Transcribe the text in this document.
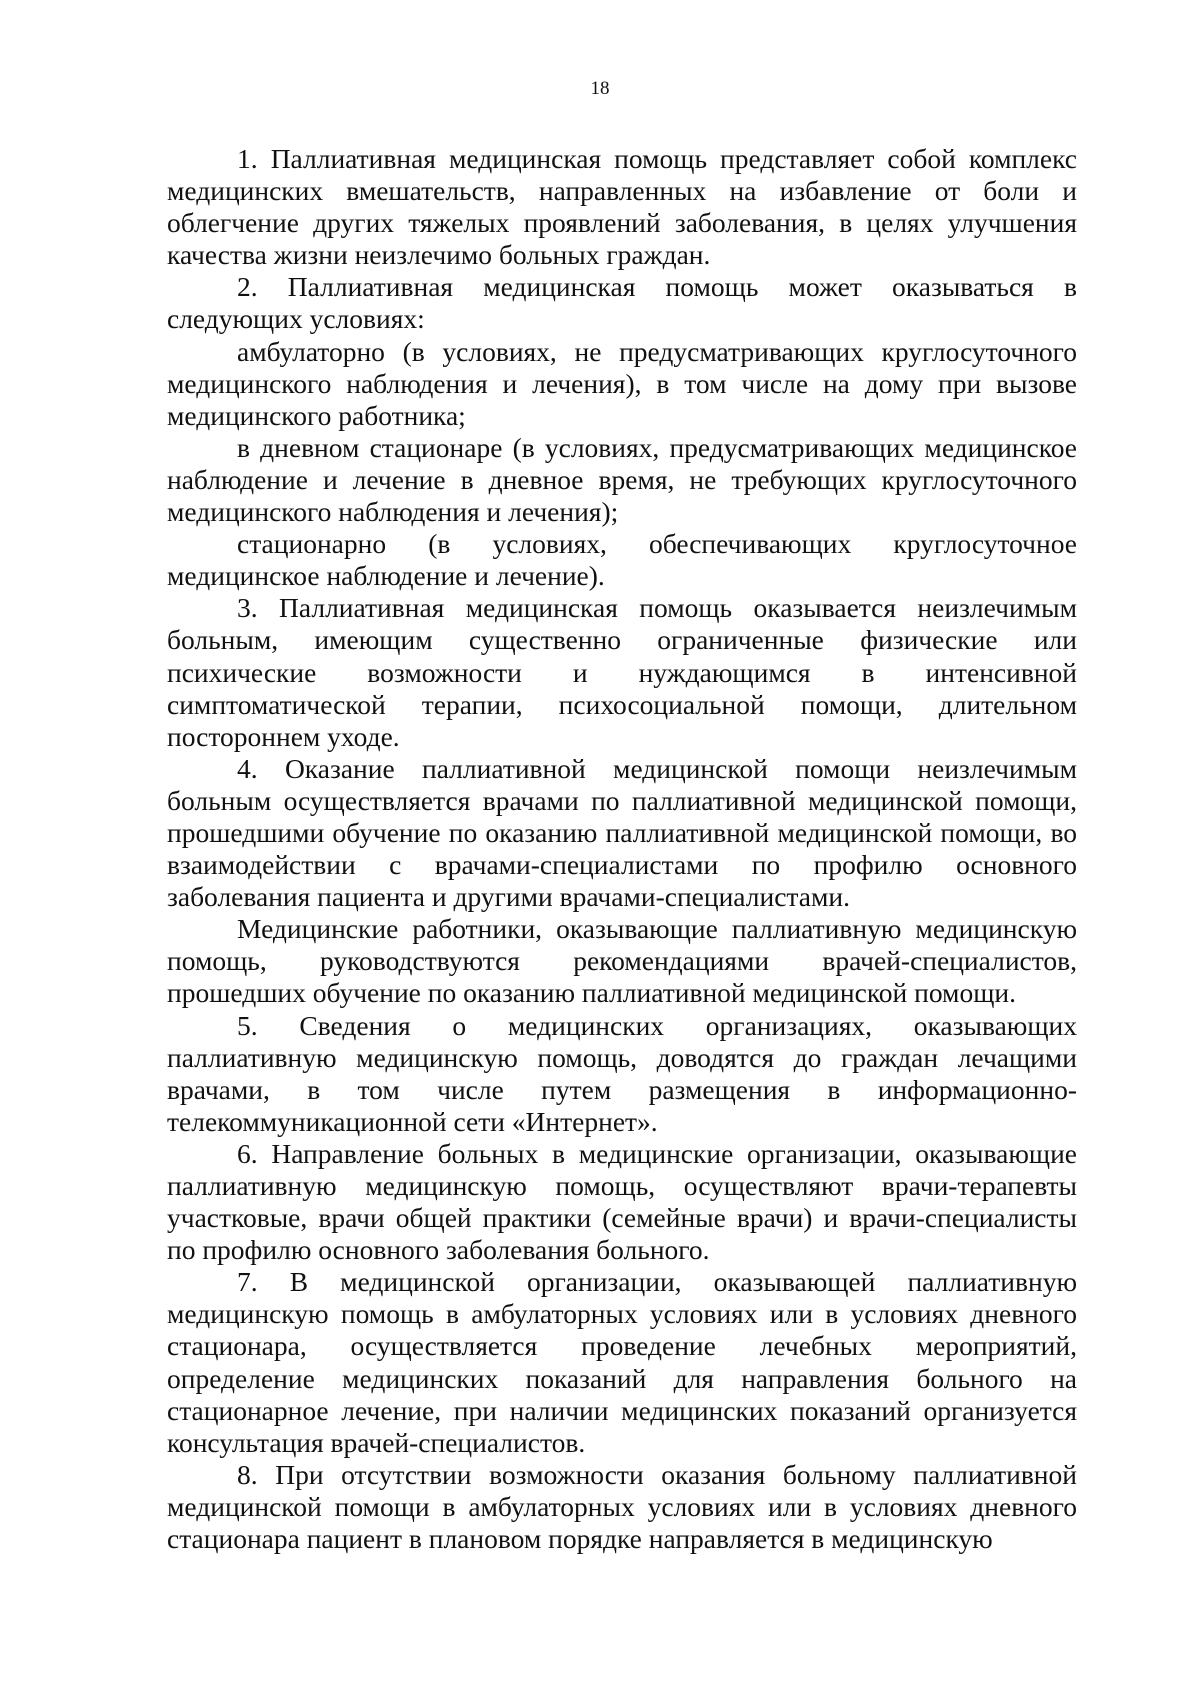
18

1. Паллиативная медицинская помощь представляет собой комплекс медицинских вмешательств, направленных на избавление от боли и облегчение других тяжелых проявлений заболевания, в целях улучшения качества жизни неизлечимо больных граждан.

2. Паллиативная медицинская помощь может оказываться в следующих условиях:

амбулаторно (в условиях, не предусматривающих круглосуточного медицинского наблюдения и лечения), в том числе на дому при вызове медицинского работника;

в дневном стационаре (в условиях, предусматривающих медицинское наблюдение и лечение в дневное время, не требующих круглосуточного медицинского наблюдения и лечения);

стационарно (в условиях, обеспечивающих круглосуточное медицинское наблюдение и лечение).

3. Паллиативная медицинская помощь оказывается неизлечимым больным, имеющим существенно ограниченные физические или психические возможности и нуждающимся в интенсивной симптоматической терапии, психосоциальной помощи, длительном постороннем уходе.

4. Оказание паллиативной медицинской помощи неизлечимым больным осуществляется врачами по паллиативной медицинской помощи, прошедшими обучение по оказанию паллиативной медицинской помощи, во взаимодействии с врачами-специалистами по профилю основного заболевания пациента и другими врачами-специалистами.

Медицинские работники, оказывающие паллиативную медицинскую помощь, руководствуются рекомендациями врачей-специалистов, прошедших обучение по оказанию паллиативной медицинской помощи.

5. Сведения о медицинских организациях, оказывающих паллиативную медицинскую помощь, доводятся до граждан лечащими врачами, в том числе путем размещения в информационно-телекоммуникационной сети «Интернет».

6. Направление больных в медицинские организации, оказывающие паллиативную медицинскую помощь, осуществляют врачи-терапевты участковые, врачи общей практики (семейные врачи) и врачи-специалисты по профилю основного заболевания больного.

7. В медицинской организации, оказывающей паллиативную медицинскую помощь в амбулаторных условиях или в условиях дневного стационара, осуществляется проведение лечебных мероприятий, определение медицинских показаний для направления больного на стационарное лечение, при наличии медицинских показаний организуется консультация врачей-специалистов.

8. При отсутствии возможности оказания больному паллиативной медицинской помощи в амбулаторных условиях или в условиях дневного стационара пациент в плановом порядке направляется в медицинскую
